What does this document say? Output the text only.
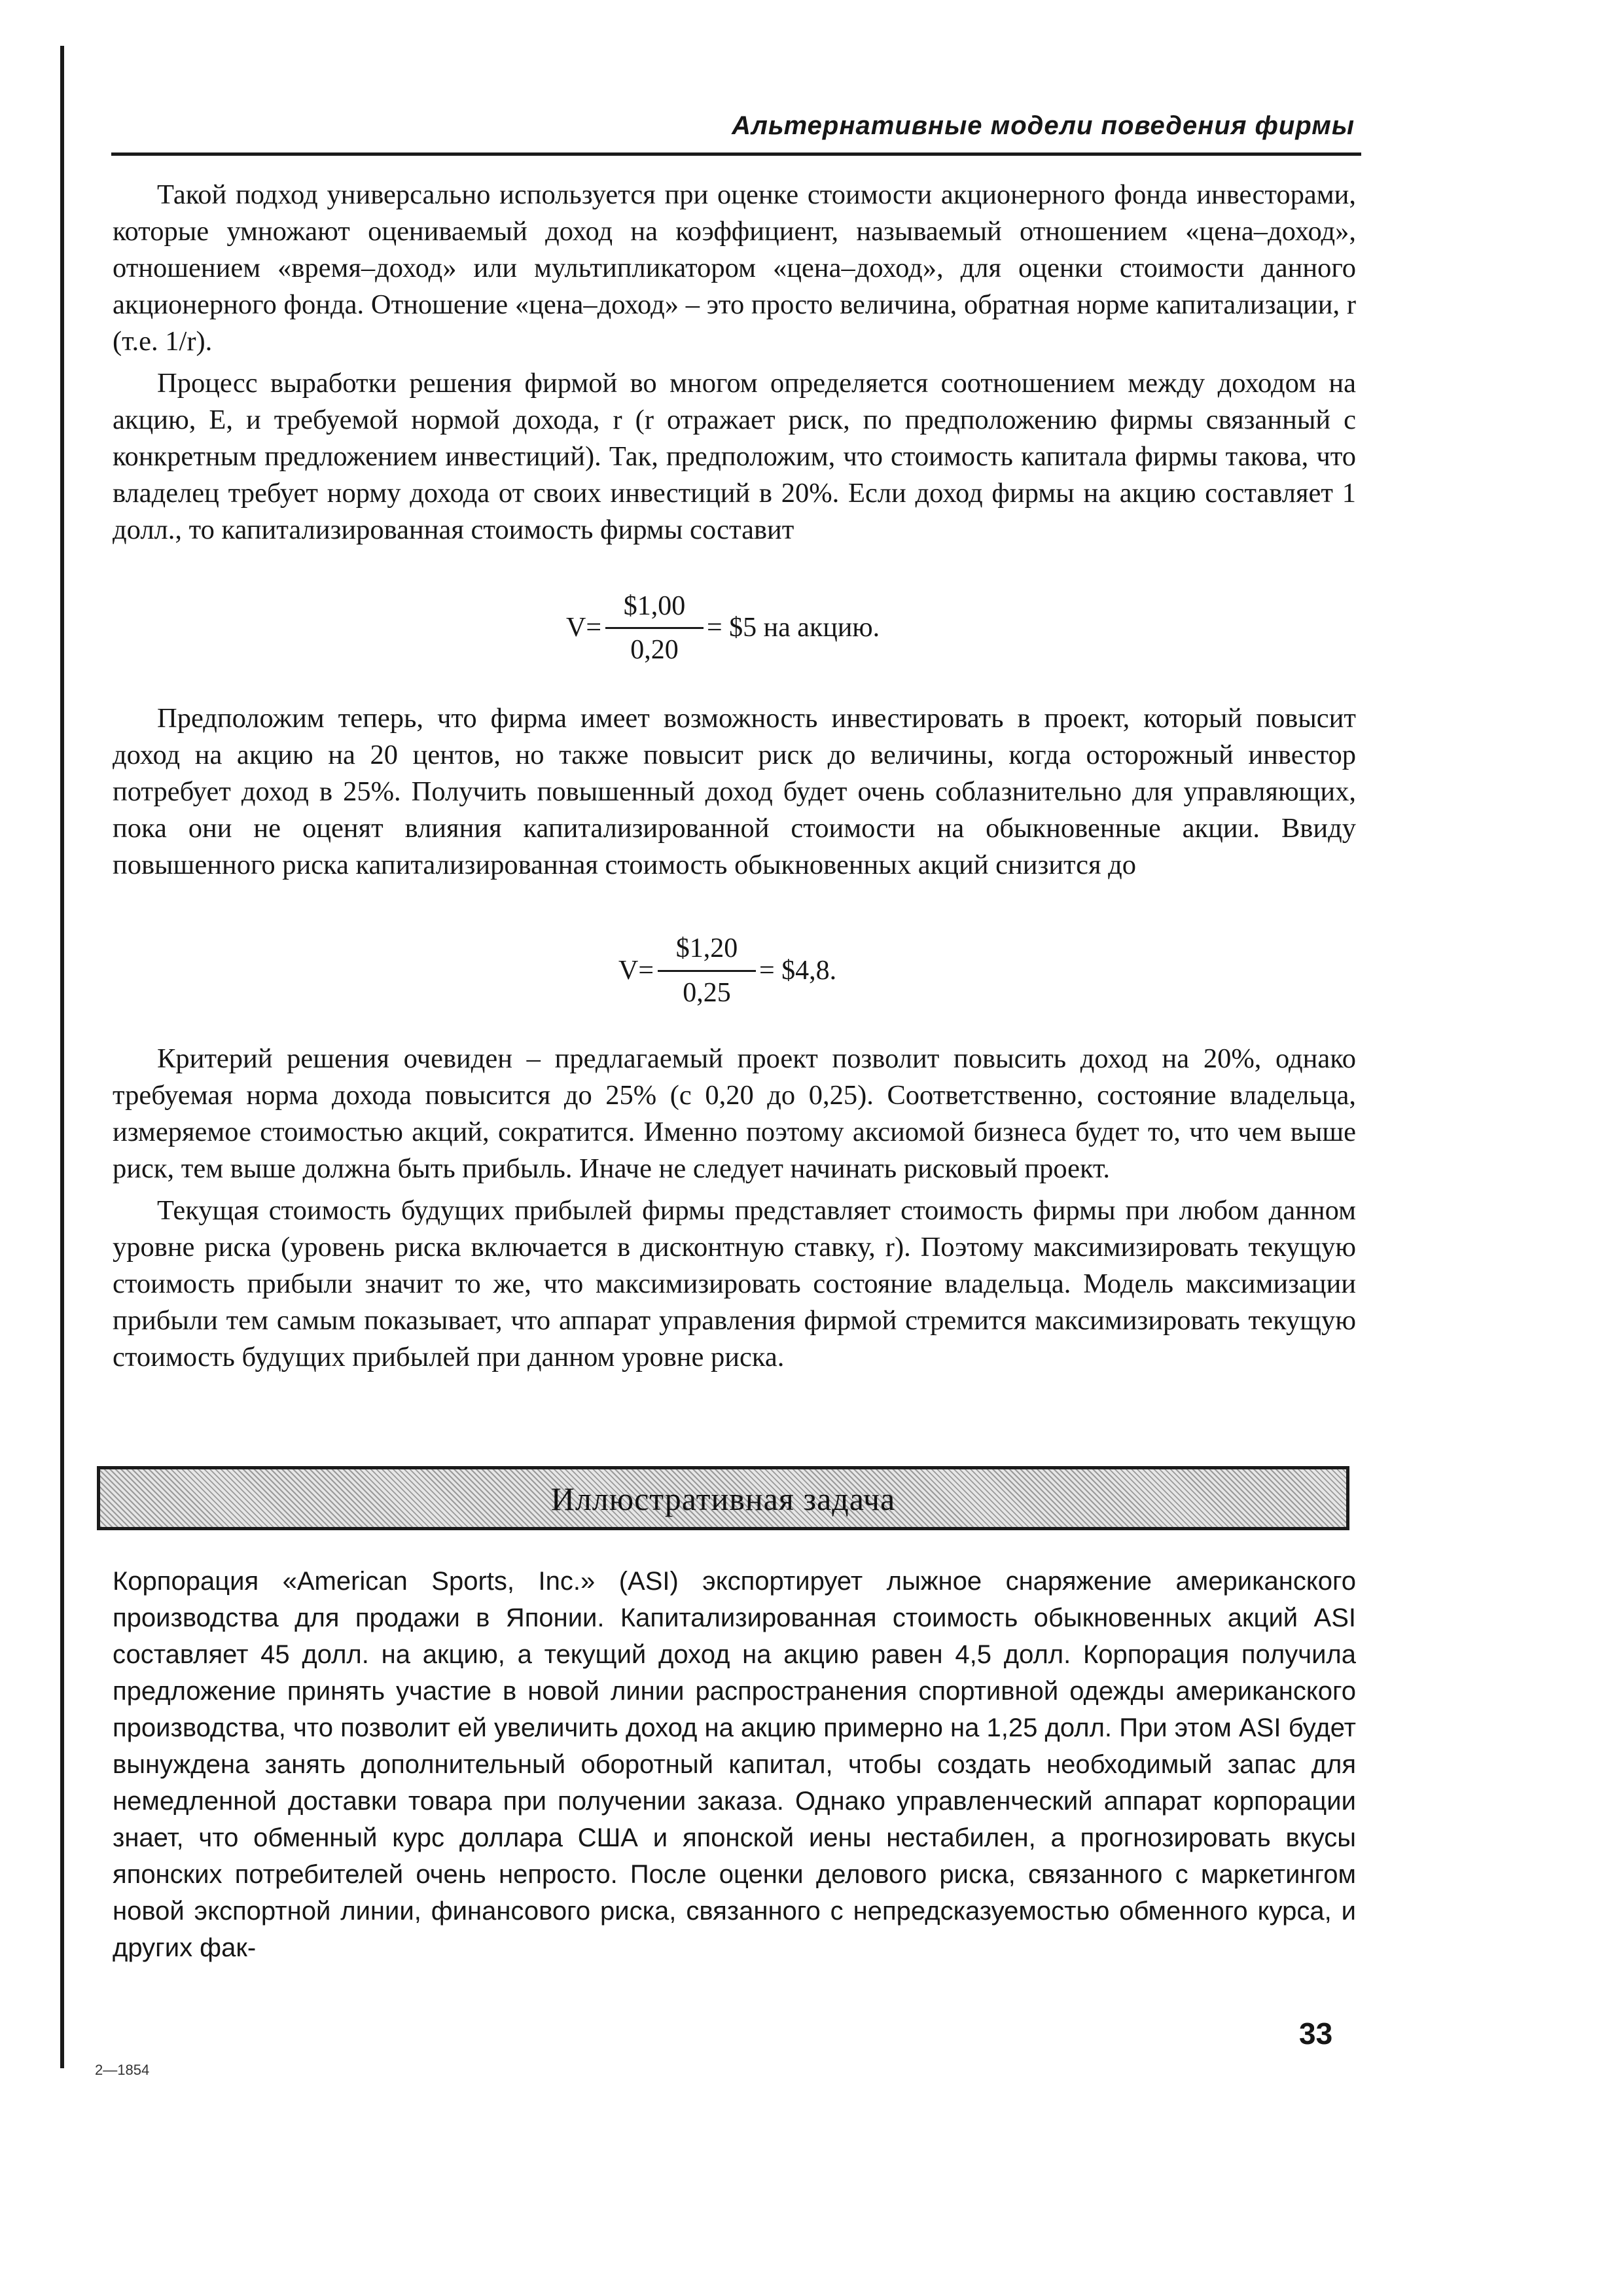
Альтернативные модели поведения фирмы

Такой подход универсально используется при оценке стоимости акционерного фонда инвесторами, которые умножают оцениваемый доход на коэффициент, называемый отношением «цена–доход», отношением «время–доход» или мультипликатором «цена–доход», для оценки стоимости данного акционерного фонда. Отношение «цена–доход» – это просто величина, обратная норме капитализации, r (т.е. 1/r).

Процесс выработки решения фирмой во многом определяется соотношением между доходом на акцию, E, и требуемой нормой дохода, r (r отражает риск, по предположению фирмы связанный с конкретным предложением инвестиций). Так, предположим, что стоимость капитала фирмы такова, что владелец требует норму дохода от своих инвестиций в 20%. Если доход фирмы на акцию составляет 1 долл., то капитализированная стоимость фирмы составит

V=
$1,00
0,20
= $5 на акцию.

Предположим теперь, что фирма имеет возможность инвестировать в проект, который повысит доход на акцию на 20 центов, но также повысит риск до величины, когда осторожный инвестор потребует доход в 25%. Получить повышенный доход будет очень соблазнительно для управляющих, пока они не оценят влияния капитализированной стоимости на обыкновенные акции. Ввиду повышенного риска капитализированная стоимость обыкновенных акций снизится до

V=
$1,20
0,25
= $4,8.

Критерий решения очевиден – предлагаемый проект позволит повысить доход на 20%, однако требуемая норма дохода повысится до 25% (с 0,20 до 0,25). Соответственно, состояние владельца, измеряемое стоимостью акций, сократится. Именно поэтому аксиомой бизнеса будет то, что чем выше риск, тем выше должна быть прибыль. Иначе не следует начинать рисковый проект.

Текущая стоимость будущих прибылей фирмы представляет стоимость фирмы при любом данном уровне риска (уровень риска включается в дисконтную ставку, r). Поэтому максимизировать текущую стоимость прибыли значит то же, что максимизировать состояние владельца. Модель максимизации прибыли тем самым показывает, что аппарат управления фирмой стремится максимизировать текущую стоимость будущих прибылей при данном уровне риска.

Иллюстративная задача

Корпорация «American Sports, Inc.» (ASI) экспортирует лыжное снаряжение американского производства для продажи в Японии. Капитализированная стоимость обыкновенных акций ASI составляет 45 долл. на акцию, а текущий доход на акцию равен 4,5 долл. Корпорация получила предложение принять участие в новой линии распространения спортивной одежды американского производства, что позволит ей увеличить доход на акцию примерно на 1,25 долл. При этом ASI будет вынуждена занять дополнительный оборотный капитал, чтобы создать необходимый запас для немедленной доставки товара при получении заказа. Однако управленческий аппарат корпорации знает, что обменный курс доллара США и японской иены нестабилен, а прогнозировать вкусы японских потребителей очень непросто. После оценки делового риска, связанного с маркетингом новой экспортной линии, финансового риска, связанного с непредсказуемостью обменного курса, и других фак-

33
2—1854
